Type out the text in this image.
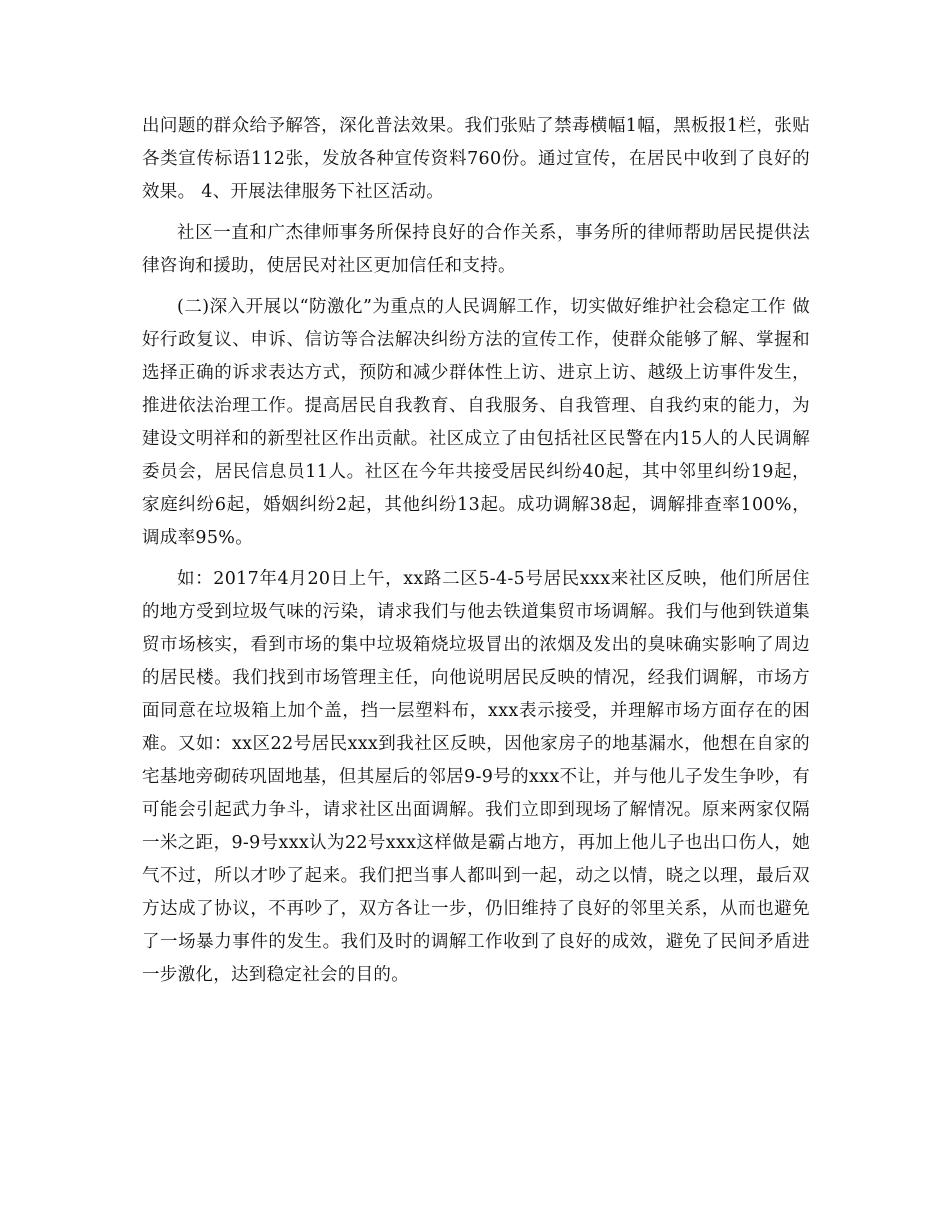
出问题的群众给予解答，深化普法效果。我们张贴了禁毒横幅1幅，黑板报1栏，张贴各类宣传标语112张，发放各种宣传资料760份。通过宣传，在居民中收到了良好的效果。 4、开展法律服务下社区活动。

社区一直和广杰律师事务所保持良好的合作关系，事务所的律师帮助居民提供法律咨询和援助，使居民对社区更加信任和支持。

(二)深入开展以“防激化”为重点的人民调解工作，切实做好维护社会稳定工作 做好行政复议、申诉、信访等合法解决纠纷方法的宣传工作，使群众能够了解、掌握和选择正确的诉求表达方式，预防和减少群体性上访、进京上访、越级上访事件发生，推进依法治理工作。提高居民自我教育、自我服务、自我管理、自我约束的能力，为建设文明祥和的新型社区作出贡献。社区成立了由包括社区民警在内15人的人民调解委员会，居民信息员11人。社区在今年共接受居民纠纷40起，其中邻里纠纷19起，家庭纠纷6起，婚姻纠纷2起，其他纠纷13起。成功调解38起，调解排查率100%，调成率95%。

如：2017年4月20日上午，xx路二区5-4-5号居民xxx来社区反映，他们所居住的地方受到垃圾气味的污染，请求我们与他去铁道集贸市场调解。我们与他到铁道集贸市场核实，看到市场的集中垃圾箱烧垃圾冒出的浓烟及发出的臭味确实影响了周边的居民楼。我们找到市场管理主任，向他说明居民反映的情况，经我们调解，市场方面同意在垃圾箱上加个盖，挡一层塑料布，xxx表示接受，并理解市场方面存在的困难。又如：xx区22号居民xxx到我社区反映，因他家房子的地基漏水，他想在自家的宅基地旁砌砖巩固地基，但其屋后的邻居9-9号的xxx不让，并与他儿子发生争吵，有可能会引起武力争斗，请求社区出面调解。我们立即到现场了解情况。原来两家仅隔一米之距，9-9号xxx认为22号xxx这样做是霸占地方，再加上他儿子也出口伤人，她气不过，所以才吵了起来。我们把当事人都叫到一起，动之以情，晓之以理，最后双方达成了协议，不再吵了，双方各让一步，仍旧维持了良好的邻里关系，从而也避免了一场暴力事件的发生。我们及时的调解工作收到了良好的成效，避免了民间矛盾进一步激化，达到稳定社会的目的。
